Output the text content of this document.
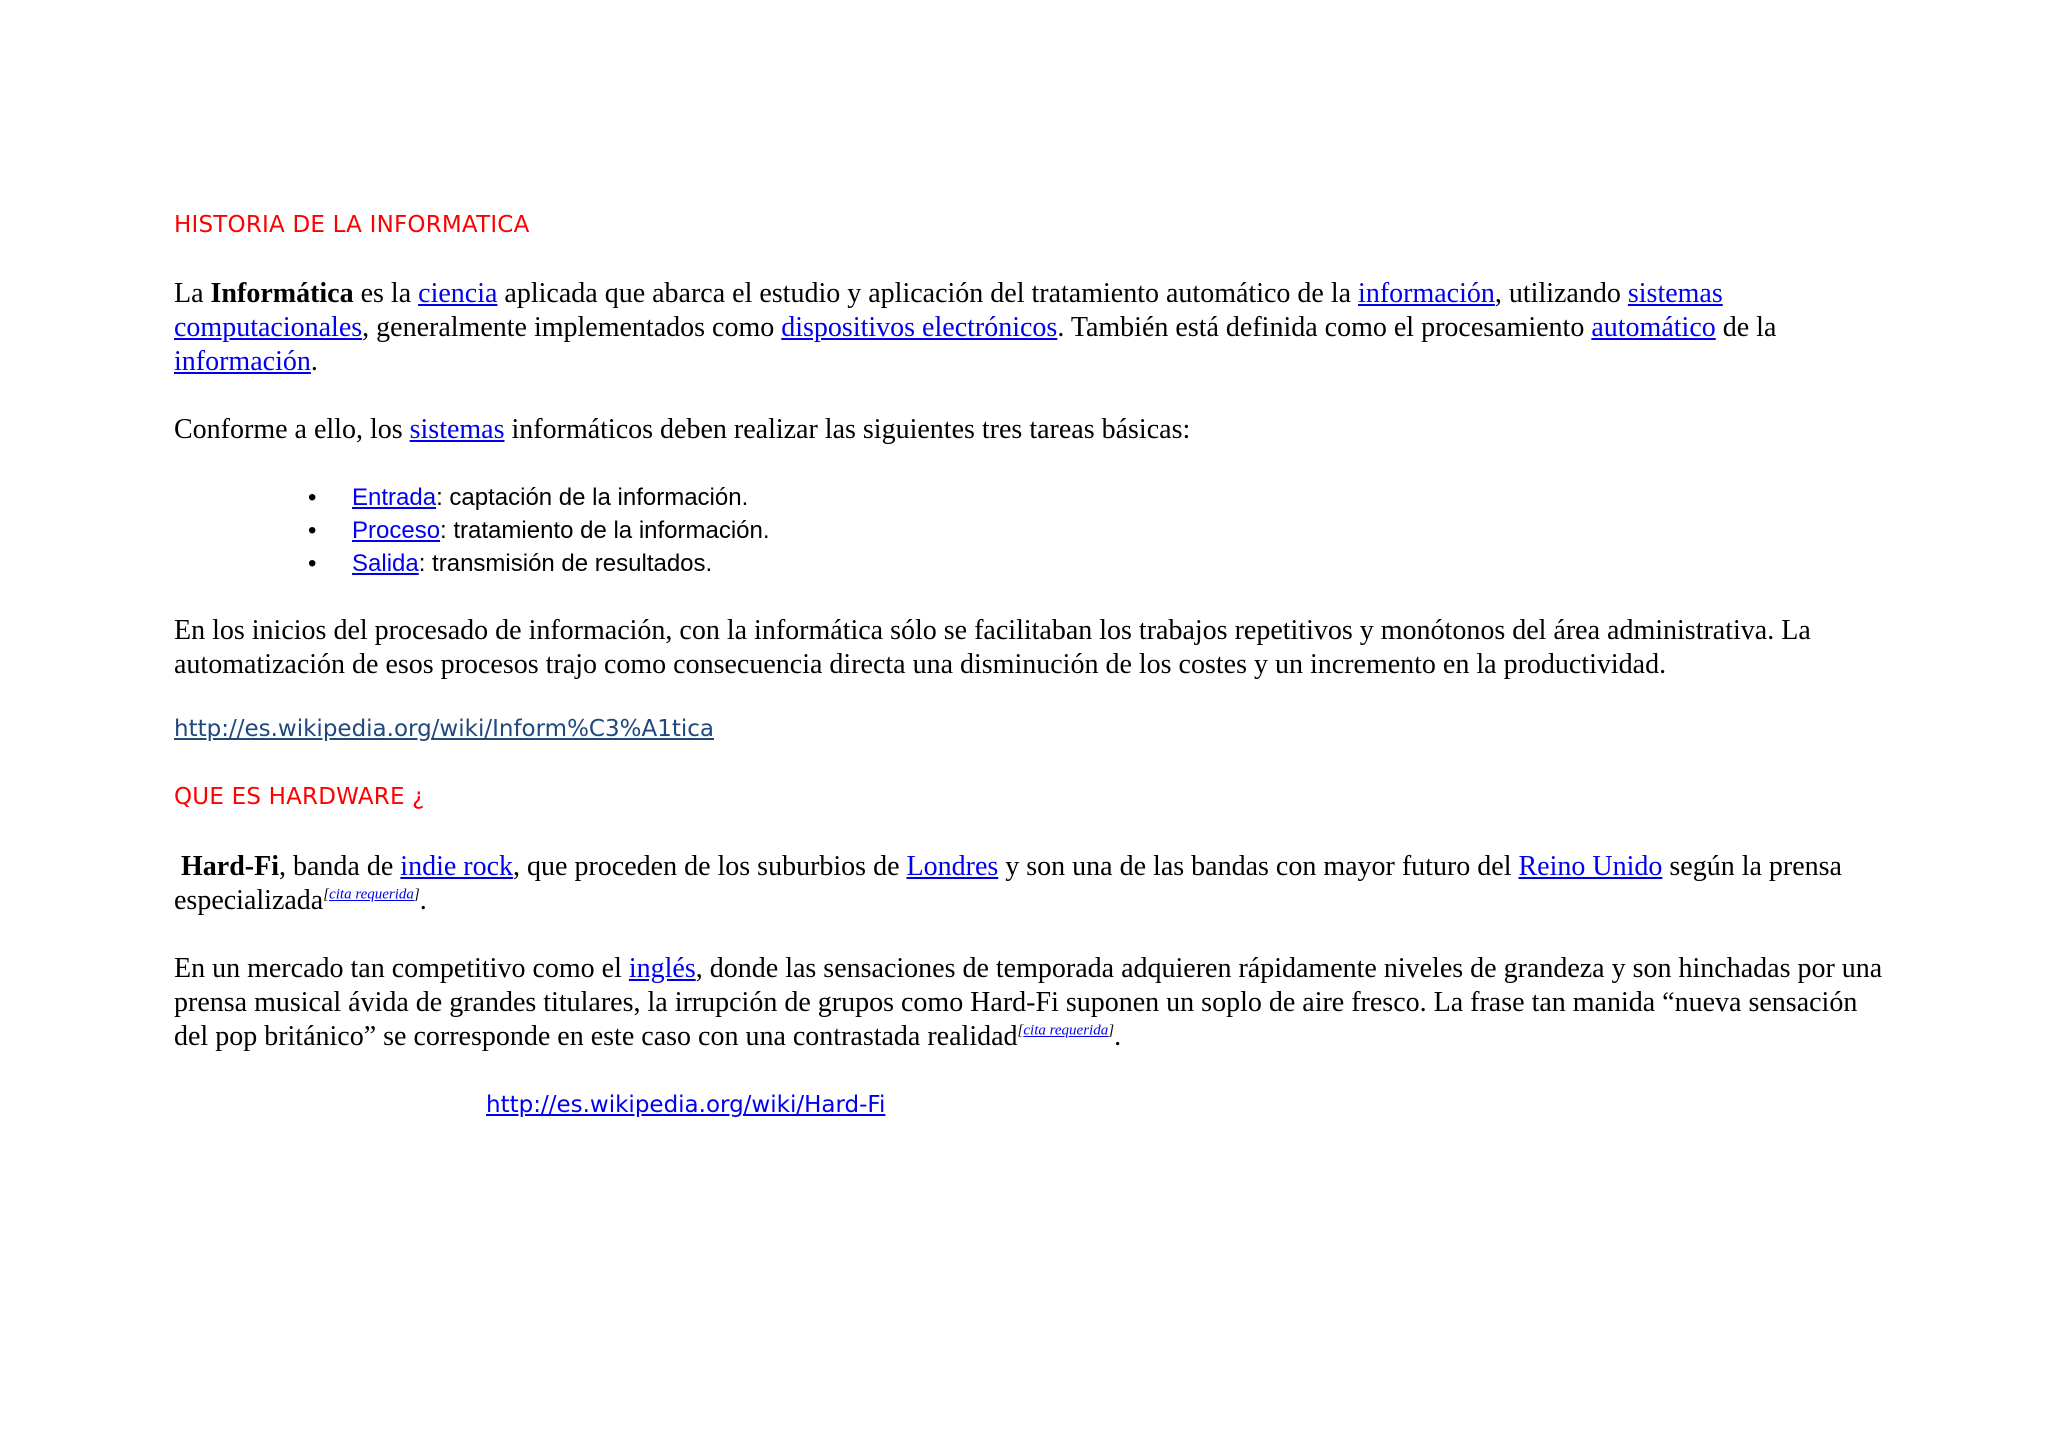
HISTORIA DE LA INFORMATICA

La Informática es la ciencia aplicada que abarca el estudio y aplicación del tratamiento automático de la información, utilizando sistemas computacionales, generalmente implementados como dispositivos electrónicos. También está definida como el procesamiento automático de la información.

Conforme a ello, los sistemas informáticos deben realizar las siguientes tres tareas básicas:

• Entrada: captación de la información.
• Proceso: tratamiento de la información.
• Salida: transmisión de resultados.

En los inicios del procesado de información, con la informática sólo se facilitaban los trabajos repetitivos y monótonos del área administrativa. La automatización de esos procesos trajo como consecuencia directa una disminución de los costes y un incremento en la productividad.

http://es.wikipedia.org/wiki/Inform%C3%A1tica

QUE ES HARDWARE ¿

Hard-Fi, banda de indie rock, que proceden de los suburbios de Londres y son una de las bandas con mayor futuro del Reino Unido según la prensa especializada[cita requerida].

En un mercado tan competitivo como el inglés, donde las sensaciones de temporada adquieren rápidamente niveles de grandeza y son hinchadas por una prensa musical ávida de grandes titulares, la irrupción de grupos como Hard-Fi suponen un soplo de aire fresco. La frase tan manida “nueva sensación del pop británico” se corresponde en este caso con una contrastada realidad[cita requerida].

http://es.wikipedia.org/wiki/Hard-Fi
